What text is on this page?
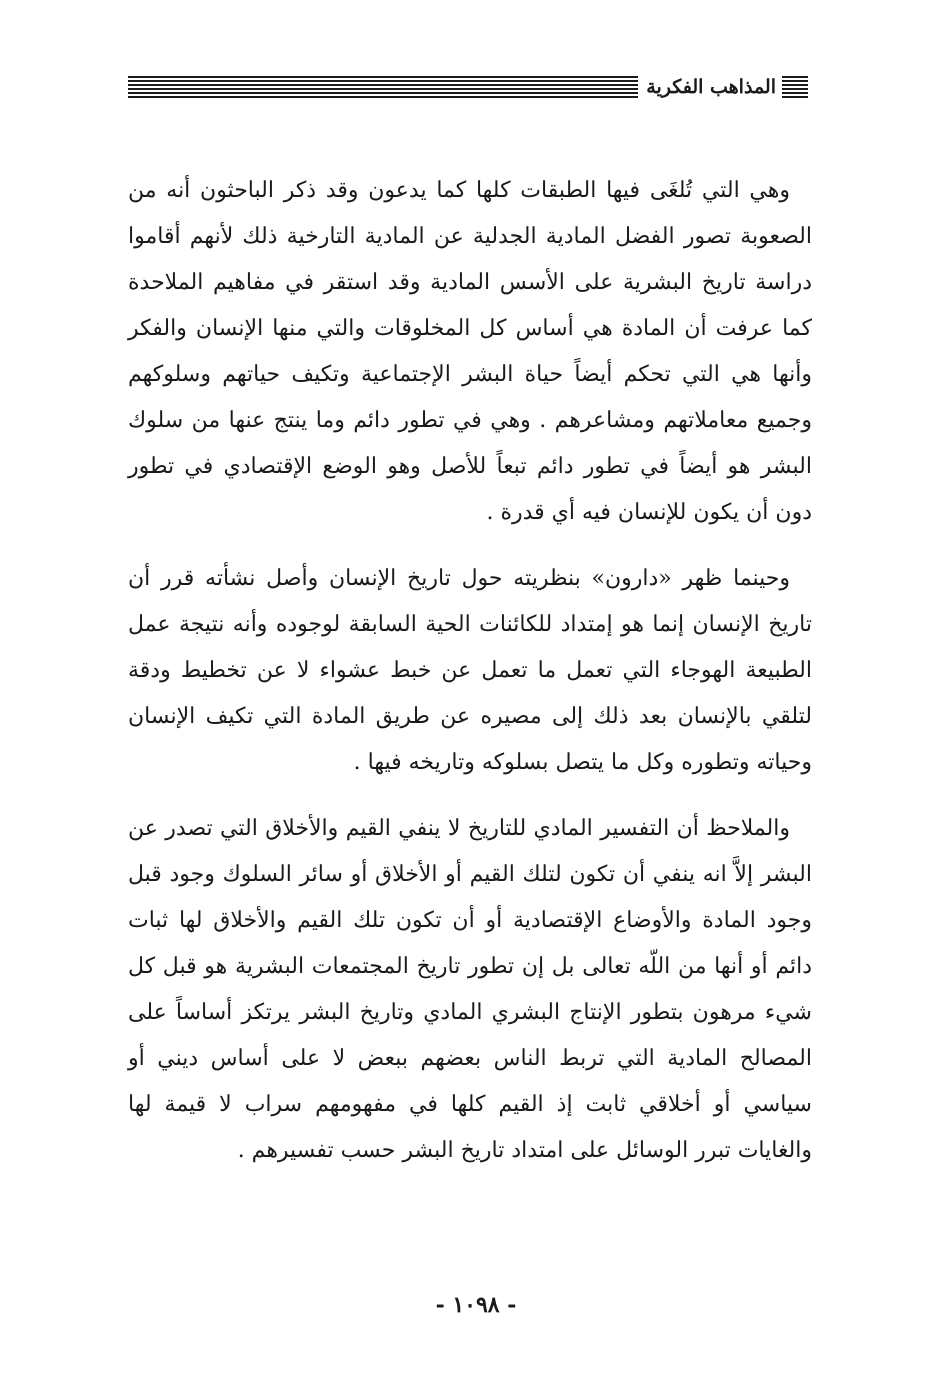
المذاهب الفكرية

وهي التي تُلغَى فيها الطبقات كلها كما يدعون وقد ذكر الباحثون أنه من الصعوبة تصور الفضل المادية الجدلية عن المادية التارخية ذلك لأنهم أقاموا دراسة تاريخ البشرية على الأسس المادية وقد استقر في مفاهيم الملاحدة كما عرفت أن المادة هي أساس كل المخلوقات والتي منها الإنسان والفكر وأنها هي التي تحكم أيضاً حياة البشر الإجتماعية وتكيف حياتهم وسلوكهم وجميع معاملاتهم ومشاعرهم . وهي في تطور دائم وما ينتج عنها من سلوك البشر هو أيضاً في تطور دائم تبعاً للأصل وهو الوضع الإقتصادي في تطور دون أن يكون للإنسان فيه أي قدرة .

وحينما ظهر «دارون» بنظريته حول تاريخ الإنسان وأصل نشأته قرر أن تاريخ الإنسان إنما هو إمتداد للكائنات الحية السابقة لوجوده وأنه نتيجة عمل الطبيعة الهوجاء التي تعمل ما تعمل عن خبط عشواء لا عن تخطيط ودقة لتلقي بالإنسان بعد ذلك إلى مصيره عن طريق المادة التي تكيف الإنسان وحياته وتطوره وكل ما يتصل بسلوكه وتاريخه فيها .

والملاحظ أن التفسير المادي للتاريخ لا ينفي القيم والأخلاق التي تصدر عن البشر إلاَّ انه ينفي أن تكون لتلك القيم أو الأخلاق أو سائر السلوك وجود قبل وجود المادة والأوضاع الإقتصادية أو أن تكون تلك القيم والأخلاق لها ثبات دائم أو أنها من اللّه تعالى بل إن تطور تاريخ المجتمعات البشرية هو قبل كل شيء مرهون بتطور الإنتاج البشري المادي وتاريخ البشر يرتكز أساساً على المصالح المادية التي تربط الناس بعضهم ببعض لا على أساس ديني أو سياسي أو أخلاقي ثابت إذ القيم كلها في مفهومهم سراب لا قيمة لها والغايات تبرر الوسائل على امتداد تاريخ البشر حسب تفسيرهم .

- ١٠٩٨ -
